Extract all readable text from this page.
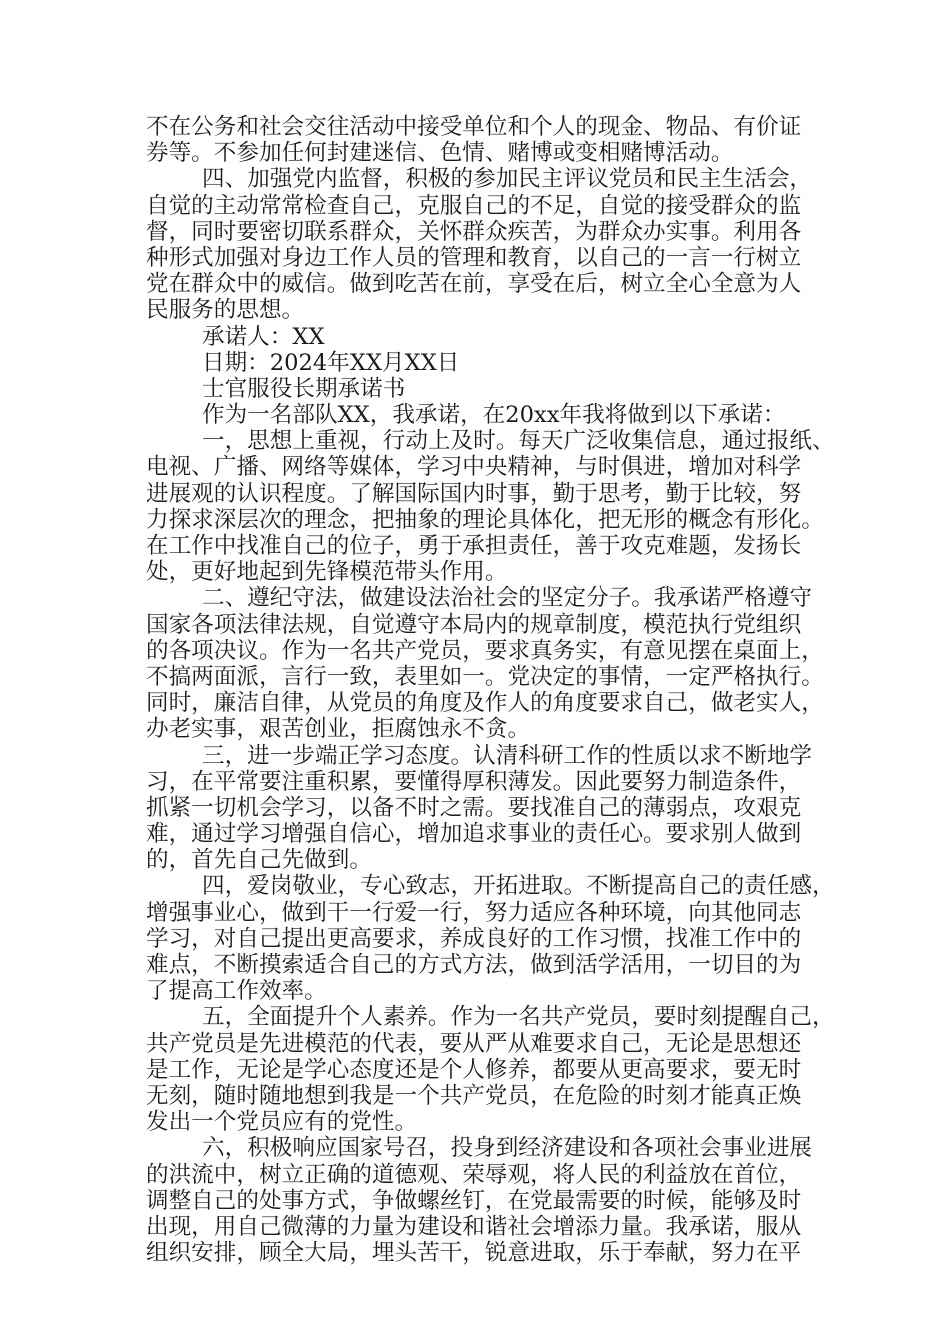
不在公务和社会交往活动中接受单位和个人的现金、物品、有价证
券等。不参加任何封建迷信、色情、赌博或变相赌博活动。
四、加强党内监督，积极的参加民主评议党员和民主生活会，
自觉的主动常常检查自己，克服自己的不足，自觉的接受群众的监
督，同时要密切联系群众，关怀群众疾苦，为群众办实事。利用各
种形式加强对身边工作人员的管理和教育，以自己的一言一行树立
党在群众中的威信。做到吃苦在前，享受在后，树立全心全意为人
民服务的思想。
承诺人：XX
日期：2024年XX月XX日
士官服役长期承诺书
作为一名部队XX，我承诺，在20xx年我将做到以下承诺：
一，思想上重视，行动上及时。每天广泛收集信息，通过报纸、
电视、广播、网络等媒体，学习中央精神，与时俱进，增加对科学
进展观的认识程度。了解国际国内时事，勤于思考，勤于比较，努
力探求深层次的理念，把抽象的理论具体化，把无形的概念有形化。
在工作中找准自己的位子，勇于承担责任，善于攻克难题，发扬长
处，更好地起到先锋模范带头作用。
二、遵纪守法，做建设法治社会的坚定分子。我承诺严格遵守
国家各项法律法规，自觉遵守本局内的规章制度，模范执行党组织
的各项决议。作为一名共产党员，要求真务实，有意见摆在桌面上，
不搞两面派，言行一致，表里如一。党决定的事情，一定严格执行。
同时，廉洁自律，从党员的角度及作人的角度要求自己，做老实人，
办老实事，艰苦创业，拒腐蚀永不贪。
三，进一步端正学习态度。认清科研工作的性质以求不断地学
习，在平常要注重积累，要懂得厚积薄发。因此要努力制造条件，
抓紧一切机会学习，以备不时之需。要找准自己的薄弱点，攻艰克
难，通过学习增强自信心，增加追求事业的责任心。要求别人做到
的，首先自己先做到。
四，爱岗敬业，专心致志，开拓进取。不断提高自己的责任感，
增强事业心，做到干一行爱一行，努力适应各种环境，向其他同志
学习，对自己提出更高要求，养成良好的工作习惯，找准工作中的
难点，不断摸索适合自己的方式方法，做到活学活用，一切目的为
了提高工作效率。
五，全面提升个人素养。作为一名共产党员，要时刻提醒自己，
共产党员是先进模范的代表，要从严从难要求自己，无论是思想还
是工作，无论是学心态度还是个人修养，都要从更高要求，要无时
无刻，随时随地想到我是一个共产党员，在危险的时刻才能真正焕
发出一个党员应有的党性。
六，积极响应国家号召，投身到经济建设和各项社会事业进展
的洪流中，树立正确的道德观、荣辱观，将人民的利益放在首位，
调整自己的处事方式，争做螺丝钉，在党最需要的时候，能够及时
出现，用自己微薄的力量为建设和谐社会增添力量。我承诺，服从
组织安排，顾全大局，埋头苦干，锐意进取，乐于奉献，努力在平
